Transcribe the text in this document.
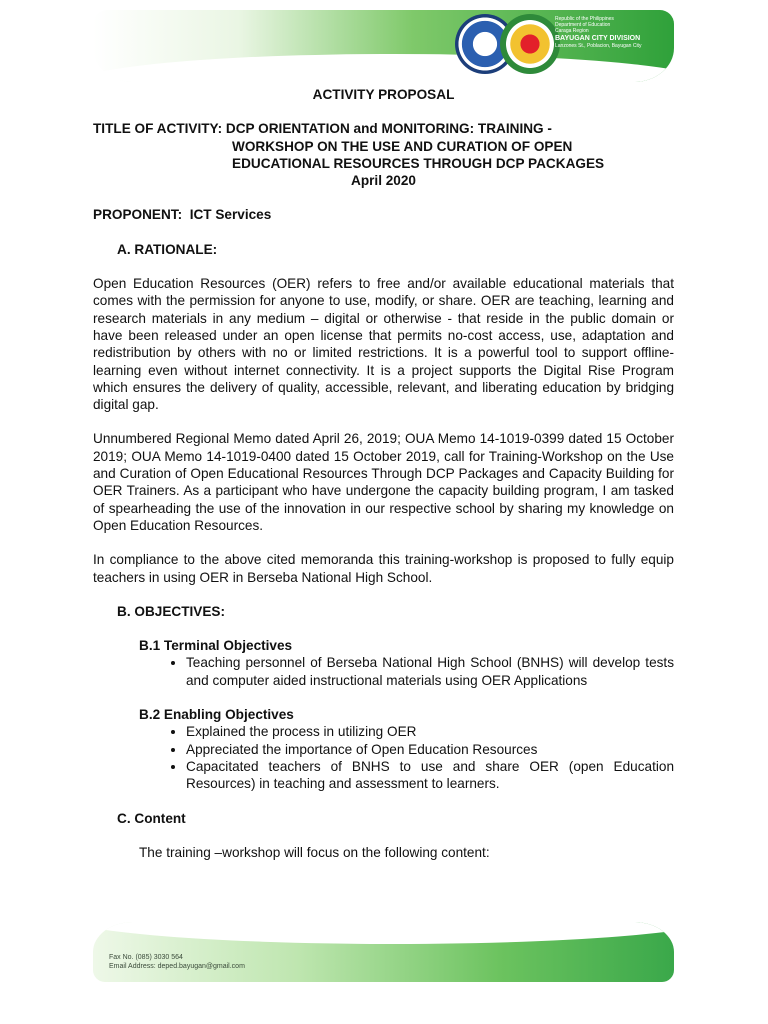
Republic of the Philippines
Department of Education
Caraga Region
BAYUGAN CITY DIVISION
Lanzones St., Poblacion, Bayugan City
ACTIVITY PROPOSAL
TITLE OF ACTIVITY:
DCP ORIENTATION and MONITORING: TRAINING -
WORKSHOP ON THE USE AND CURATION OF OPEN
EDUCATIONAL RESOURCES THROUGH DCP PACKAGES
April 2020
PROPONENT: ICT Services
A. RATIONALE:

Open Education Resources (OER) refers to free and/or available educational materials that comes with the permission for anyone to use, modify, or share. OER are teaching, learning and research materials in any medium – digital or otherwise - that reside in the public domain or have been released under an open license that permits no-cost access, use, adaptation and redistribution by others with no or limited restrictions. It is a powerful tool to support offline-learning even without internet connectivity. It is a project supports the Digital Rise Program which ensures the delivery of quality, accessible, relevant, and liberating education by bridging digital gap.

Unnumbered Regional Memo dated April 26, 2019; OUA Memo 14-1019-0399 dated 15 October 2019; OUA Memo 14-1019-0400 dated 15 October 2019, call for Training-Workshop on the Use and Curation of Open Educational Resources Through DCP Packages and Capacity Building for OER Trainers. As a participant who have undergone the capacity building program, I am tasked of spearheading the use of the innovation in our respective school by sharing my knowledge on Open Education Resources.

In compliance to the above cited memoranda this training-workshop is proposed to fully equip teachers in using OER in Berseba National High School.

B. OBJECTIVES:
B.1 Terminal Objectives
• Teaching personnel of Berseba National High School (BNHS) will develop tests and computer aided instructional materials using OER Applications
B.2 Enabling Objectives
• Explained the process in utilizing OER
• Appreciated the importance of Open Education Resources
• Capacitated teachers of BNHS to use and share OER (open Education Resources) in teaching and assessment to learners.
C. Content
The training –workshop will focus on the following content:
Fax No. (085) 3030 564
Email Address: deped.bayugan@gmail.com
